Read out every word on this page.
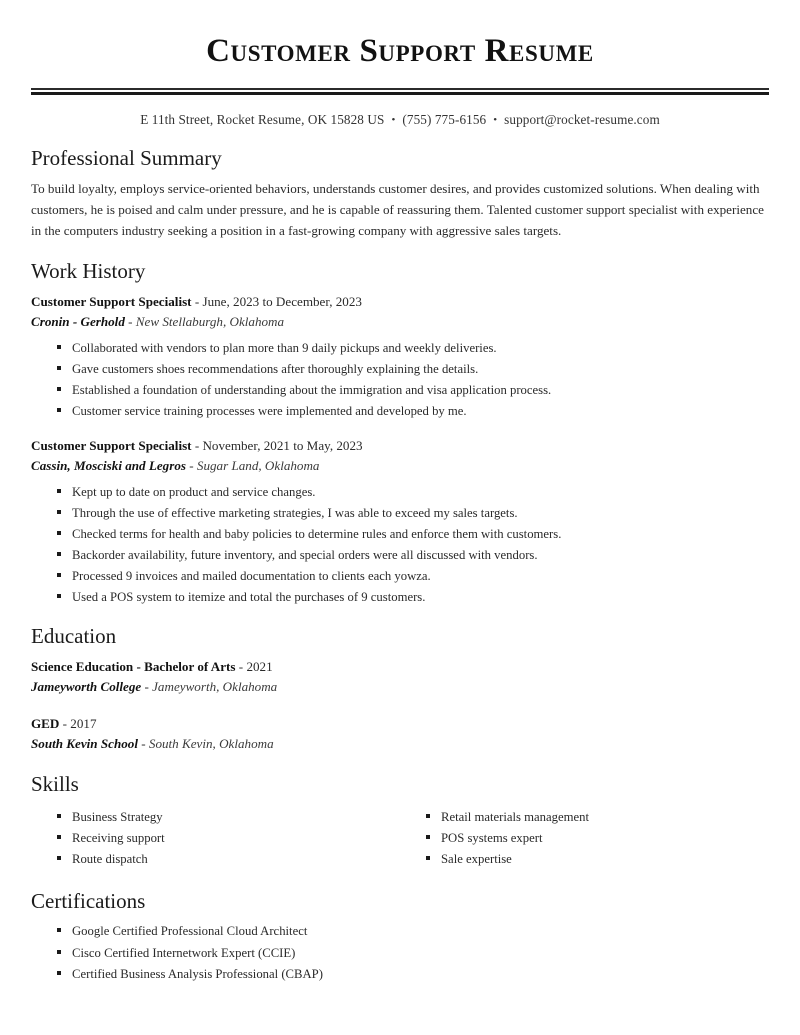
Customer Support Resume
E 11th Street, Rocket Resume, OK 15828 US • (755) 775-6156 • support@rocket-resume.com
Professional Summary

To build loyalty, employs service-oriented behaviors, understands customer desires, and provides customized solutions. When dealing with customers, he is poised and calm under pressure, and he is capable of reassuring them. Talented customer support specialist with experience in the computers industry seeking a position in a fast-growing company with aggressive sales targets.

Work History
Customer Support Specialist - June, 2023 to December, 2023
Cronin - Gerhold - New Stellaburgh, Oklahoma
Collaborated with vendors to plan more than 9 daily pickups and weekly deliveries.
Gave customers shoes recommendations after thoroughly explaining the details.
Established a foundation of understanding about the immigration and visa application process.
Customer service training processes were implemented and developed by me.
Customer Support Specialist - November, 2021 to May, 2023
Cassin, Mosciski and Legros - Sugar Land, Oklahoma
Kept up to date on product and service changes.
Through the use of effective marketing strategies, I was able to exceed my sales targets.
Checked terms for health and baby policies to determine rules and enforce them with customers.
Backorder availability, future inventory, and special orders were all discussed with vendors.
Processed 9 invoices and mailed documentation to clients each yowza.
Used a POS system to itemize and total the purchases of 9 customers.
Education
Science Education - Bachelor of Arts - 2021
Jameyworth College - Jameyworth, Oklahoma
GED - 2017
South Kevin School - South Kevin, Oklahoma
Skills
Business Strategy
Receiving support
Route dispatch
Retail materials management
POS systems expert
Sale expertise
Certifications
Google Certified Professional Cloud Architect
Cisco Certified Internetwork Expert (CCIE)
Certified Business Analysis Professional (CBAP)
